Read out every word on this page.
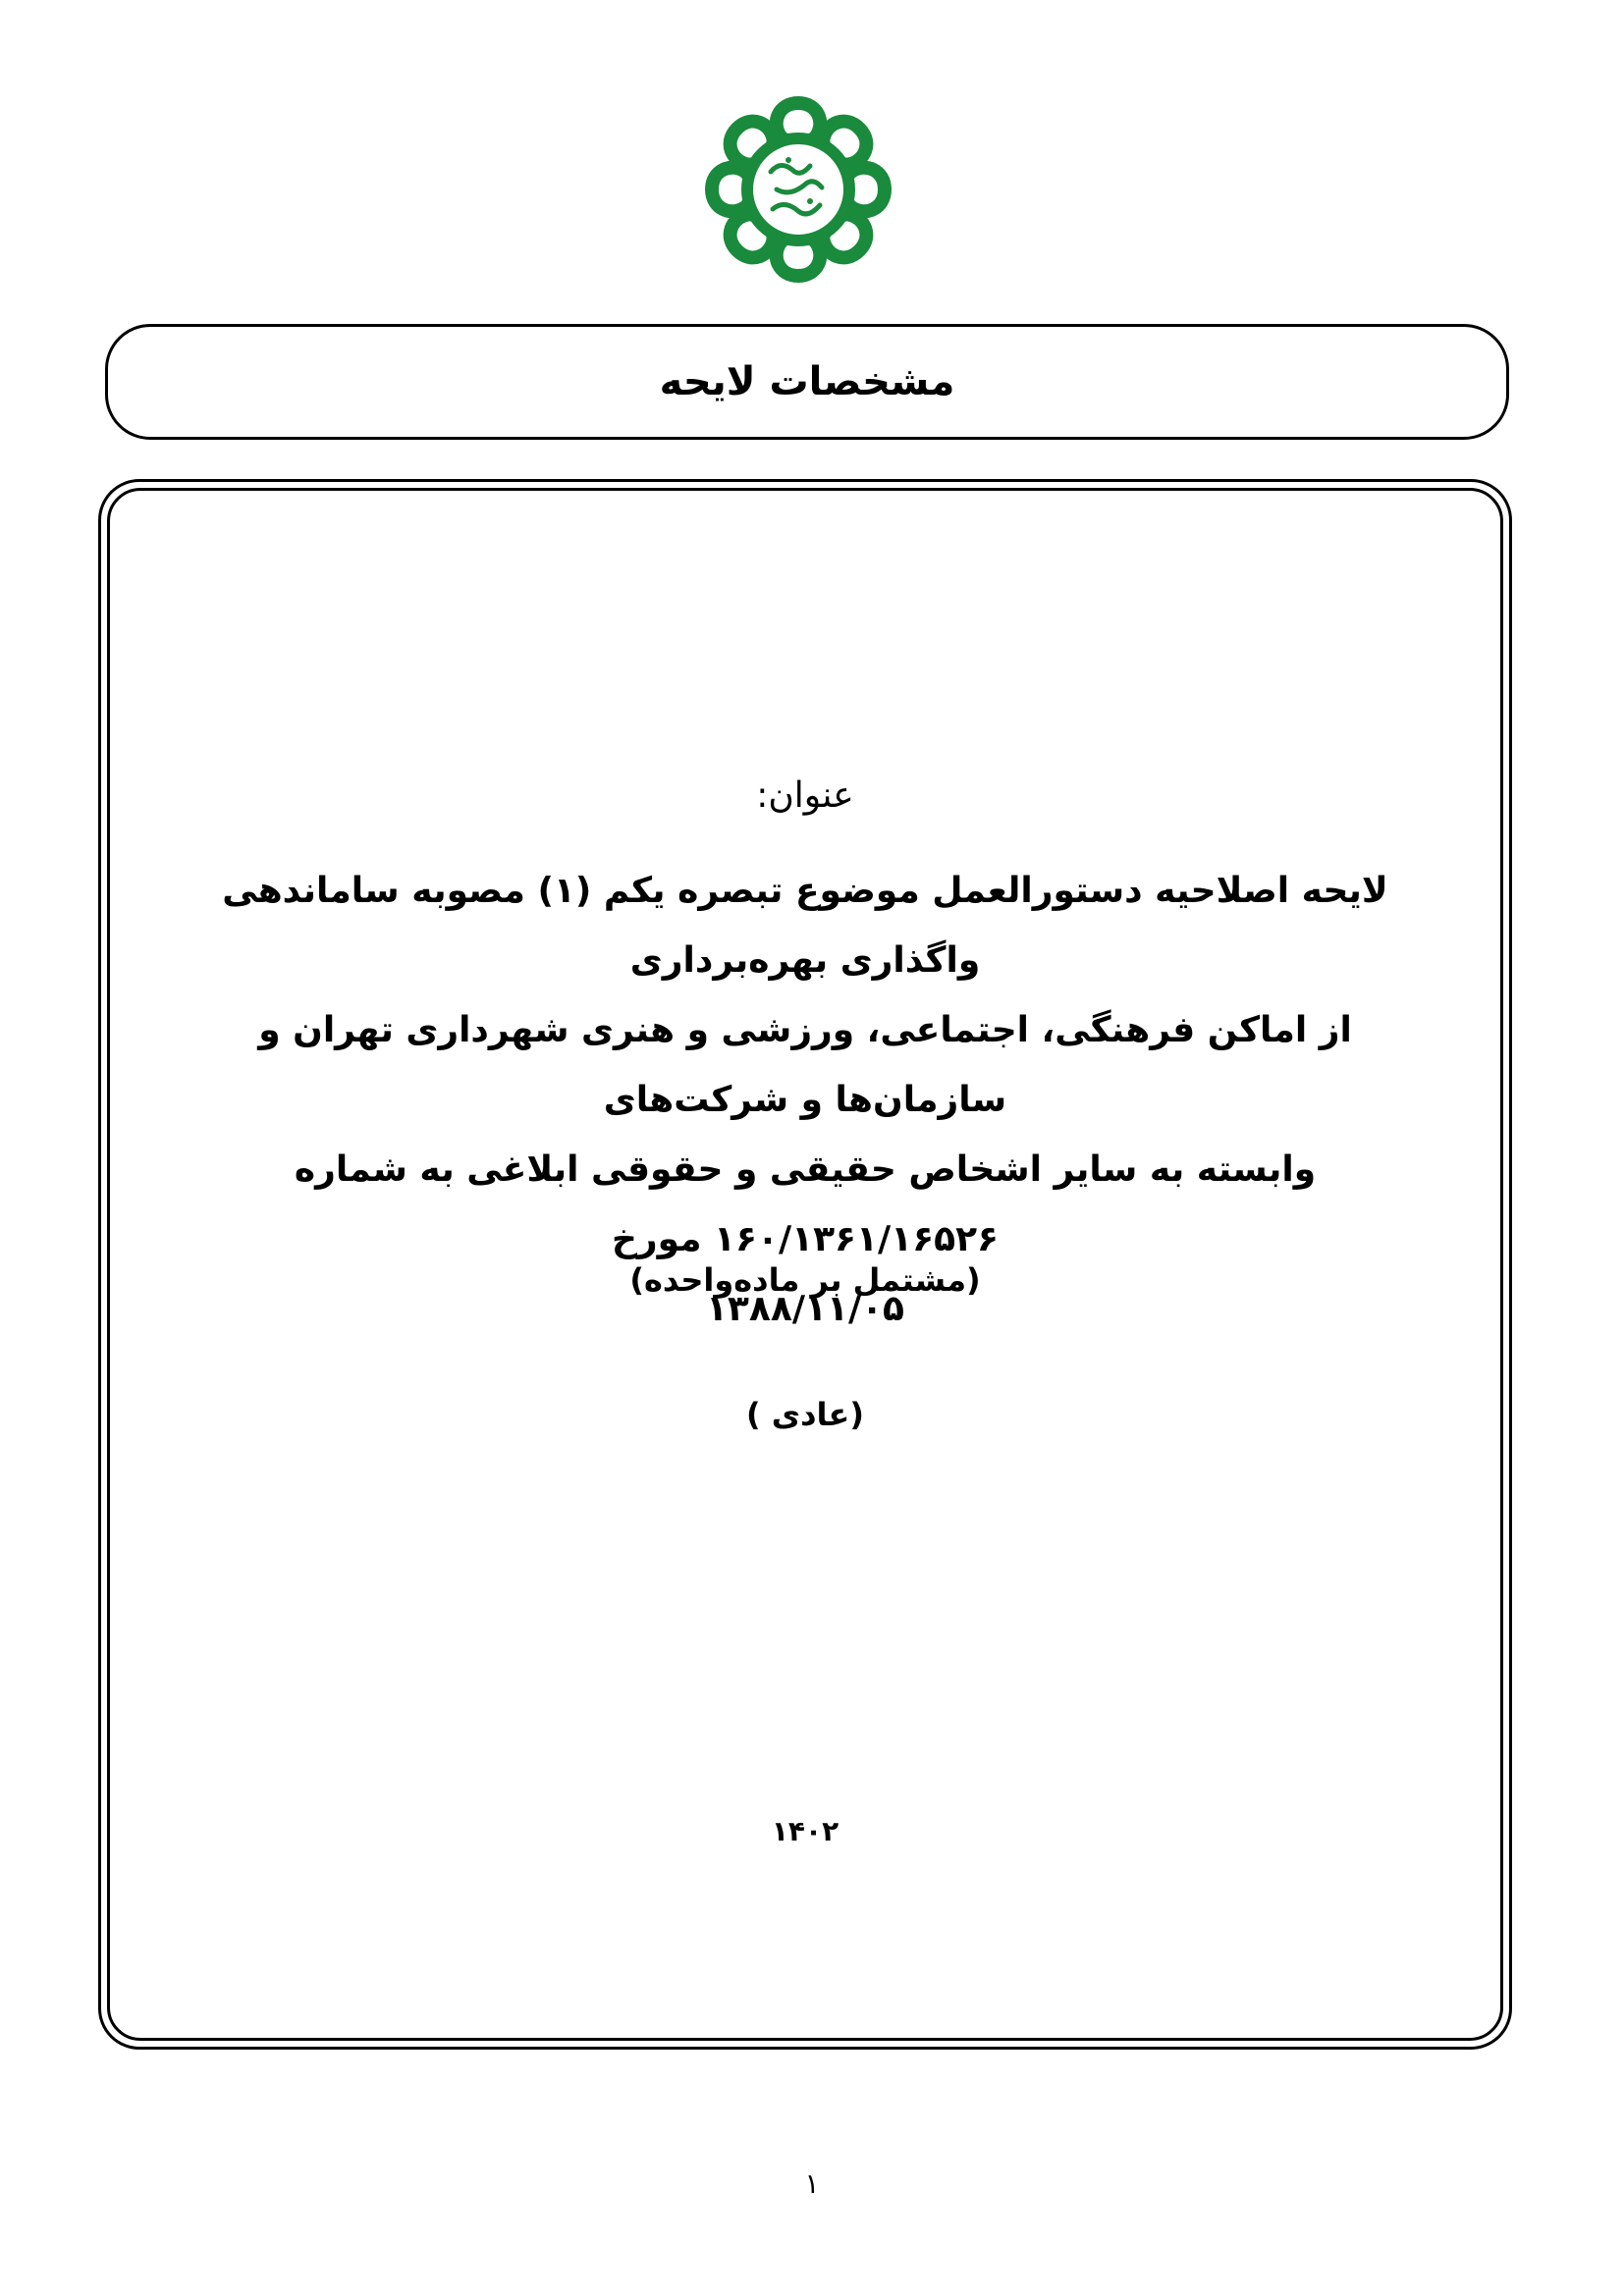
مشخصات لایحه
عنوان:

لایحه اصلاحیه دستورالعمل موضوع تبصره یکم (۱) مصوبه ساماندهی واگذاری بهره‌برداری
از اماکن فرهنگی، اجتماعی، ورزشی و هنری شهرداری تهران و سازمان‌ها و شرکت‌های
وابسته به سایر اشخاص حقیقی و حقوقی ابلاغی به شماره ۱۶۰/۱۳۶۱/۱۶۵۲۶ مورخ
۱۳۸۸/۱۱/۰۵

(مشتمل بر ماده‌واحده)
(عادی )
۱۴۰۲
۱
